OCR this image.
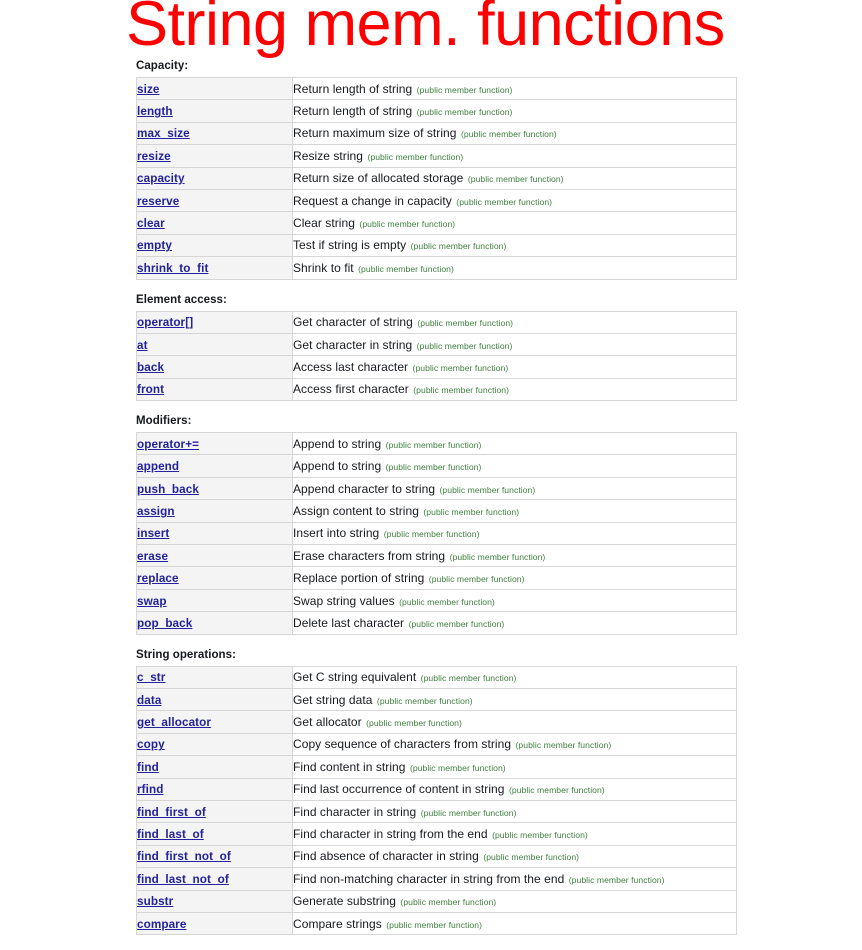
String mem. functions
Capacity:
size	Return length of string (public member function)
length	Return length of string (public member function)
max_size	Return maximum size of string (public member function)
resize	Resize string (public member function)
capacity	Return size of allocated storage (public member function)
reserve	Request a change in capacity (public member function)
clear	Clear string (public member function)
empty	Test if string is empty (public member function)
shrink_to_fit	Shrink to fit (public member function)
Element access:
operator[]	Get character of string (public member function)
at	Get character in string (public member function)
back	Access last character (public member function)
front	Access first character (public member function)
Modifiers:
operator+=	Append to string (public member function)
append	Append to string (public member function)
push_back	Append character to string (public member function)
assign	Assign content to string (public member function)
insert	Insert into string (public member function)
erase	Erase characters from string (public member function)
replace	Replace portion of string (public member function)
swap	Swap string values (public member function)
pop_back	Delete last character (public member function)
String operations:
c_str	Get C string equivalent (public member function)
data	Get string data (public member function)
get_allocator	Get allocator (public member function)
copy	Copy sequence of characters from string (public member function)
find	Find content in string (public member function)
rfind	Find last occurrence of content in string (public member function)
find_first_of	Find character in string (public member function)
find_last_of	Find character in string from the end (public member function)
find_first_not_of	Find absence of character in string (public member function)
find_last_not_of	Find non-matching character in string from the end (public member function)
substr	Generate substring (public member function)
compare	Compare strings (public member function)
